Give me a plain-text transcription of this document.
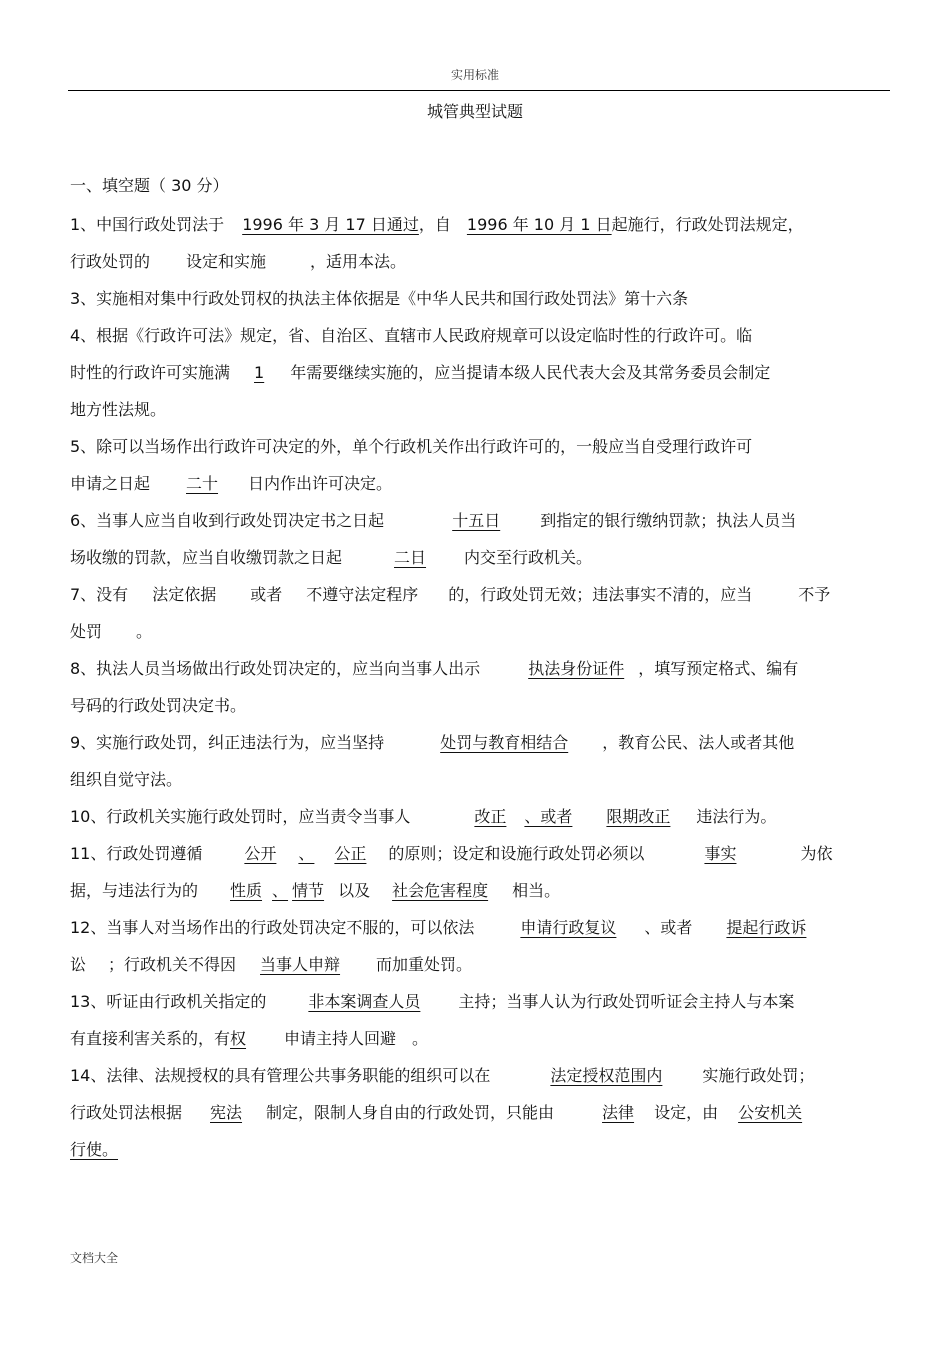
实用标准
城管典型试题
一、填空题（ 30 分）
1、中国行政处罚法于 1996 年 3 月 17 日通过，自 1996 年 10 月 1 日起施行，行政处罚法规定，
行政处罚的 设定和实施	，适用本法。
3、实施相对集中行政处罚权的执法主体依据是《中华人民共和国行政处罚法》第十六条
4、根据《行政许可法》规定，省、自治区、直辖市人民政府规章可以设定临时性的行政许可。临
时性的行政许可实施满 1 年需要继续实施的，应当提请本级人民代表大会及其常务委员会制定
地方性法规。
5、除可以当场作出行政许可决定的外，单个行政机关作出行政许可的，一般应当自受理行政许可
申请之日起 二十 日内作出许可决定。
6、当事人应当自收到行政处罚决定书之日起	十五日	到指定的银行缴纳罚款；执法人员当
场收缴的罚款，应当自收缴罚款之日起	二日 内交至行政机关。
7、没有 法定依据 或者 不遵守法定程序 的，行政处罚无效；违法事实不清的，应当	不予
处罚 。
8、执法人员当场做出行政处罚决定的，应当向当事人出示	执法身份证件 ，填写预定格式、编有
号码的行政处罚决定书。
9、实施行政处罚，纠正违法行为，应当坚持	处罚与教育相结合 ，教育公民、法人或者其他
组织自觉守法。
10、行政机关实施行政处罚时，应当责令当事人	改正 、或者 限期改正 违法行为。
11、行政处罚遵循	公开 、 公正 的原则；设定和设施行政处罚必须以	事实	为依
据，与违法行为的 性质 、 情节 以及 社会危害程度 相当。
12、当事人对当场作出的行政处罚决定不服的，可以依法	申请行政复议 、或者 提起行政诉
讼 ；行政机关不得因 当事人申辩 而加重处罚。
13、听证由行政机关指定的	非本案调查人员 主持；当事人认为行政处罚听证会主持人与本案
有直接利害关系的，有权 申请主持人回避 。
14、法律、法规授权的具有管理公共事务职能的组织可以在	法定授权范围内	实施行政处罚；
行政处罚法根据 宪法 制定，限制人身自由的行政处罚，只能由	法律 设定，由 公安机关
行使。
文档大全
